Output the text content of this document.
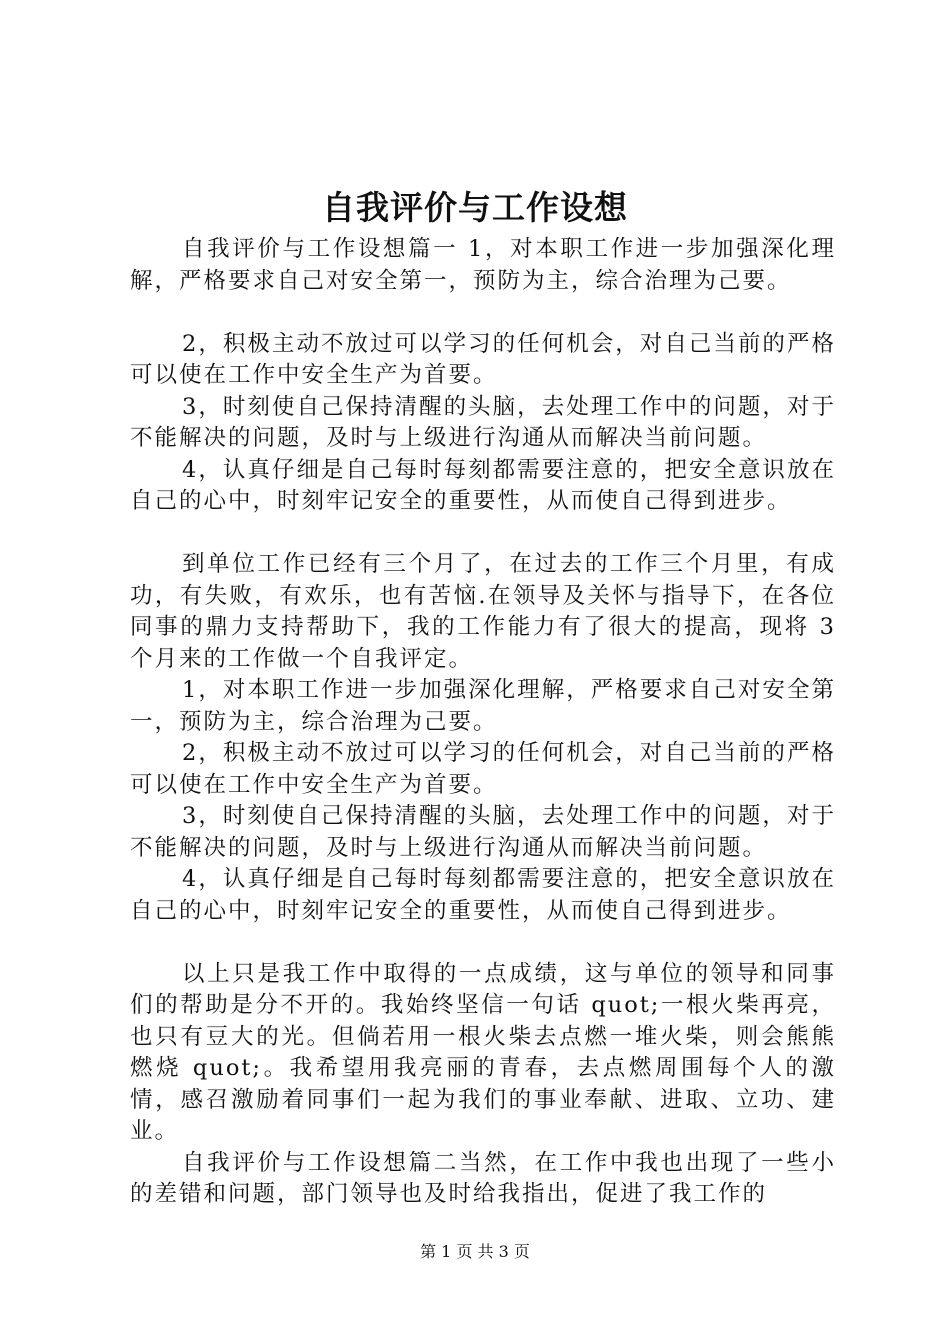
自我评价与工作设想

自我评价与工作设想篇一 1，对本职工作进一步加强深化理解，严格要求自己对安全第一，预防为主，综合治理为己要。

2，积极主动不放过可以学习的任何机会，对自己当前的严格可以使在工作中安全生产为首要。

3，时刻使自己保持清醒的头脑，去处理工作中的问题，对于不能解决的问题，及时与上级进行沟通从而解决当前问题。

4，认真仔细是自己每时每刻都需要注意的，把安全意识放在自己的心中，时刻牢记安全的重要性，从而使自己得到进步。

到单位工作已经有三个月了，在过去的工作三个月里，有成功，有失败，有欢乐，也有苦恼.在领导及关怀与指导下，在各位同事的鼎力支持帮助下，我的工作能力有了很大的提高，现将 3 个月来的工作做一个自我评定。

1，对本职工作进一步加强深化理解，严格要求自己对安全第一，预防为主，综合治理为己要。

2，积极主动不放过可以学习的任何机会，对自己当前的严格可以使在工作中安全生产为首要。

3，时刻使自己保持清醒的头脑，去处理工作中的问题，对于不能解决的问题，及时与上级进行沟通从而解决当前问题。

4，认真仔细是自己每时每刻都需要注意的，把安全意识放在自己的心中，时刻牢记安全的重要性，从而使自己得到进步。

以上只是我工作中取得的一点成绩，这与单位的领导和同事们的帮助是分不开的。我始终坚信一句话 quot;一根火柴再亮，也只有豆大的光。但倘若用一根火柴去点燃一堆火柴，则会熊熊燃烧 quot;。我希望用我亮丽的青春，去点燃周围每个人的激情，感召激励着同事们一起为我们的事业奉献、进取、立功、建业。

自我评价与工作设想篇二当然，在工作中我也出现了一些小的差错和问题，部门领导也及时给我指出，促进了我工作的

第 1 页 共 3 页
